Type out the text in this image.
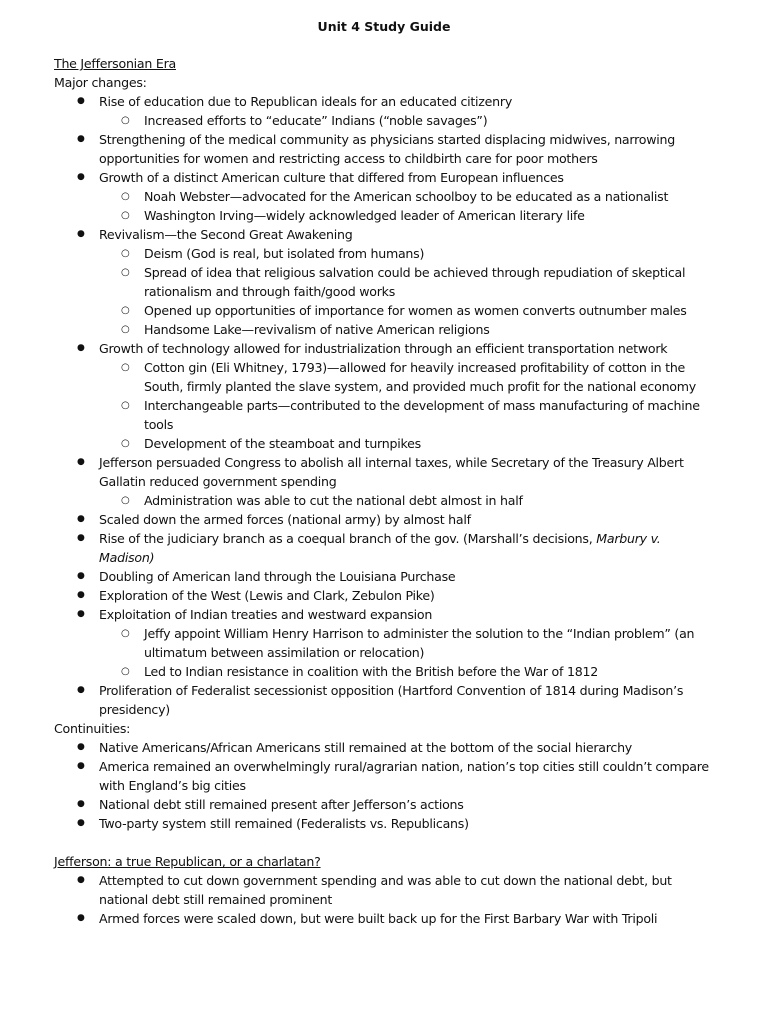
Unit 4 Study Guide
The Jeffersonian Era
Major changes:
● Rise of education due to Republican ideals for an educated citizenry
○ Increased efforts to “educate” Indians (“noble savages”)
● Strengthening of the medical community as physicians started displacing midwives, narrowing opportunities for women and restricting access to childbirth care for poor mothers
● Growth of a distinct American culture that differed from European influences
○ Noah Webster—advocated for the American schoolboy to be educated as a nationalist
○ Washington Irving—widely acknowledged leader of American literary life
● Revivalism—the Second Great Awakening
○ Deism (God is real, but isolated from humans)
○ Spread of idea that religious salvation could be achieved through repudiation of skeptical rationalism and through faith/good works
○ Opened up opportunities of importance for women as women converts outnumber males
○ Handsome Lake—revivalism of native American religions
● Growth of technology allowed for industrialization through an efficient transportation network
○ Cotton gin (Eli Whitney, 1793)—allowed for heavily increased profitability of cotton in the South, firmly planted the slave system, and provided much profit for the national economy
○ Interchangeable parts—contributed to the development of mass manufacturing of machine tools
○ Development of the steamboat and turnpikes
● Jefferson persuaded Congress to abolish all internal taxes, while Secretary of the Treasury Albert Gallatin reduced government spending
○ Administration was able to cut the national debt almost in half
● Scaled down the armed forces (national army) by almost half
● Rise of the judiciary branch as a coequal branch of the gov. (Marshall’s decisions, Marbury v. Madison)
● Doubling of American land through the Louisiana Purchase
● Exploration of the West (Lewis and Clark, Zebulon Pike)
● Exploitation of Indian treaties and westward expansion
○ Jeffy appoint William Henry Harrison to administer the solution to the “Indian problem” (an ultimatum between assimilation or relocation)
○ Led to Indian resistance in coalition with the British before the War of 1812
● Proliferation of Federalist secessionist opposition (Hartford Convention of 1814 during Madison’s presidency)
Continuities:
● Native Americans/African Americans still remained at the bottom of the social hierarchy
● America remained an overwhelmingly rural/agrarian nation, nation’s top cities still couldn’t compare with England’s big cities
● National debt still remained present after Jefferson’s actions
● Two-party system still remained (Federalists vs. Republicans)
Jefferson: a true Republican, or a charlatan?
● Attempted to cut down government spending and was able to cut down the national debt, but national debt still remained prominent
● Armed forces were scaled down, but were built back up for the First Barbary War with Tripoli
